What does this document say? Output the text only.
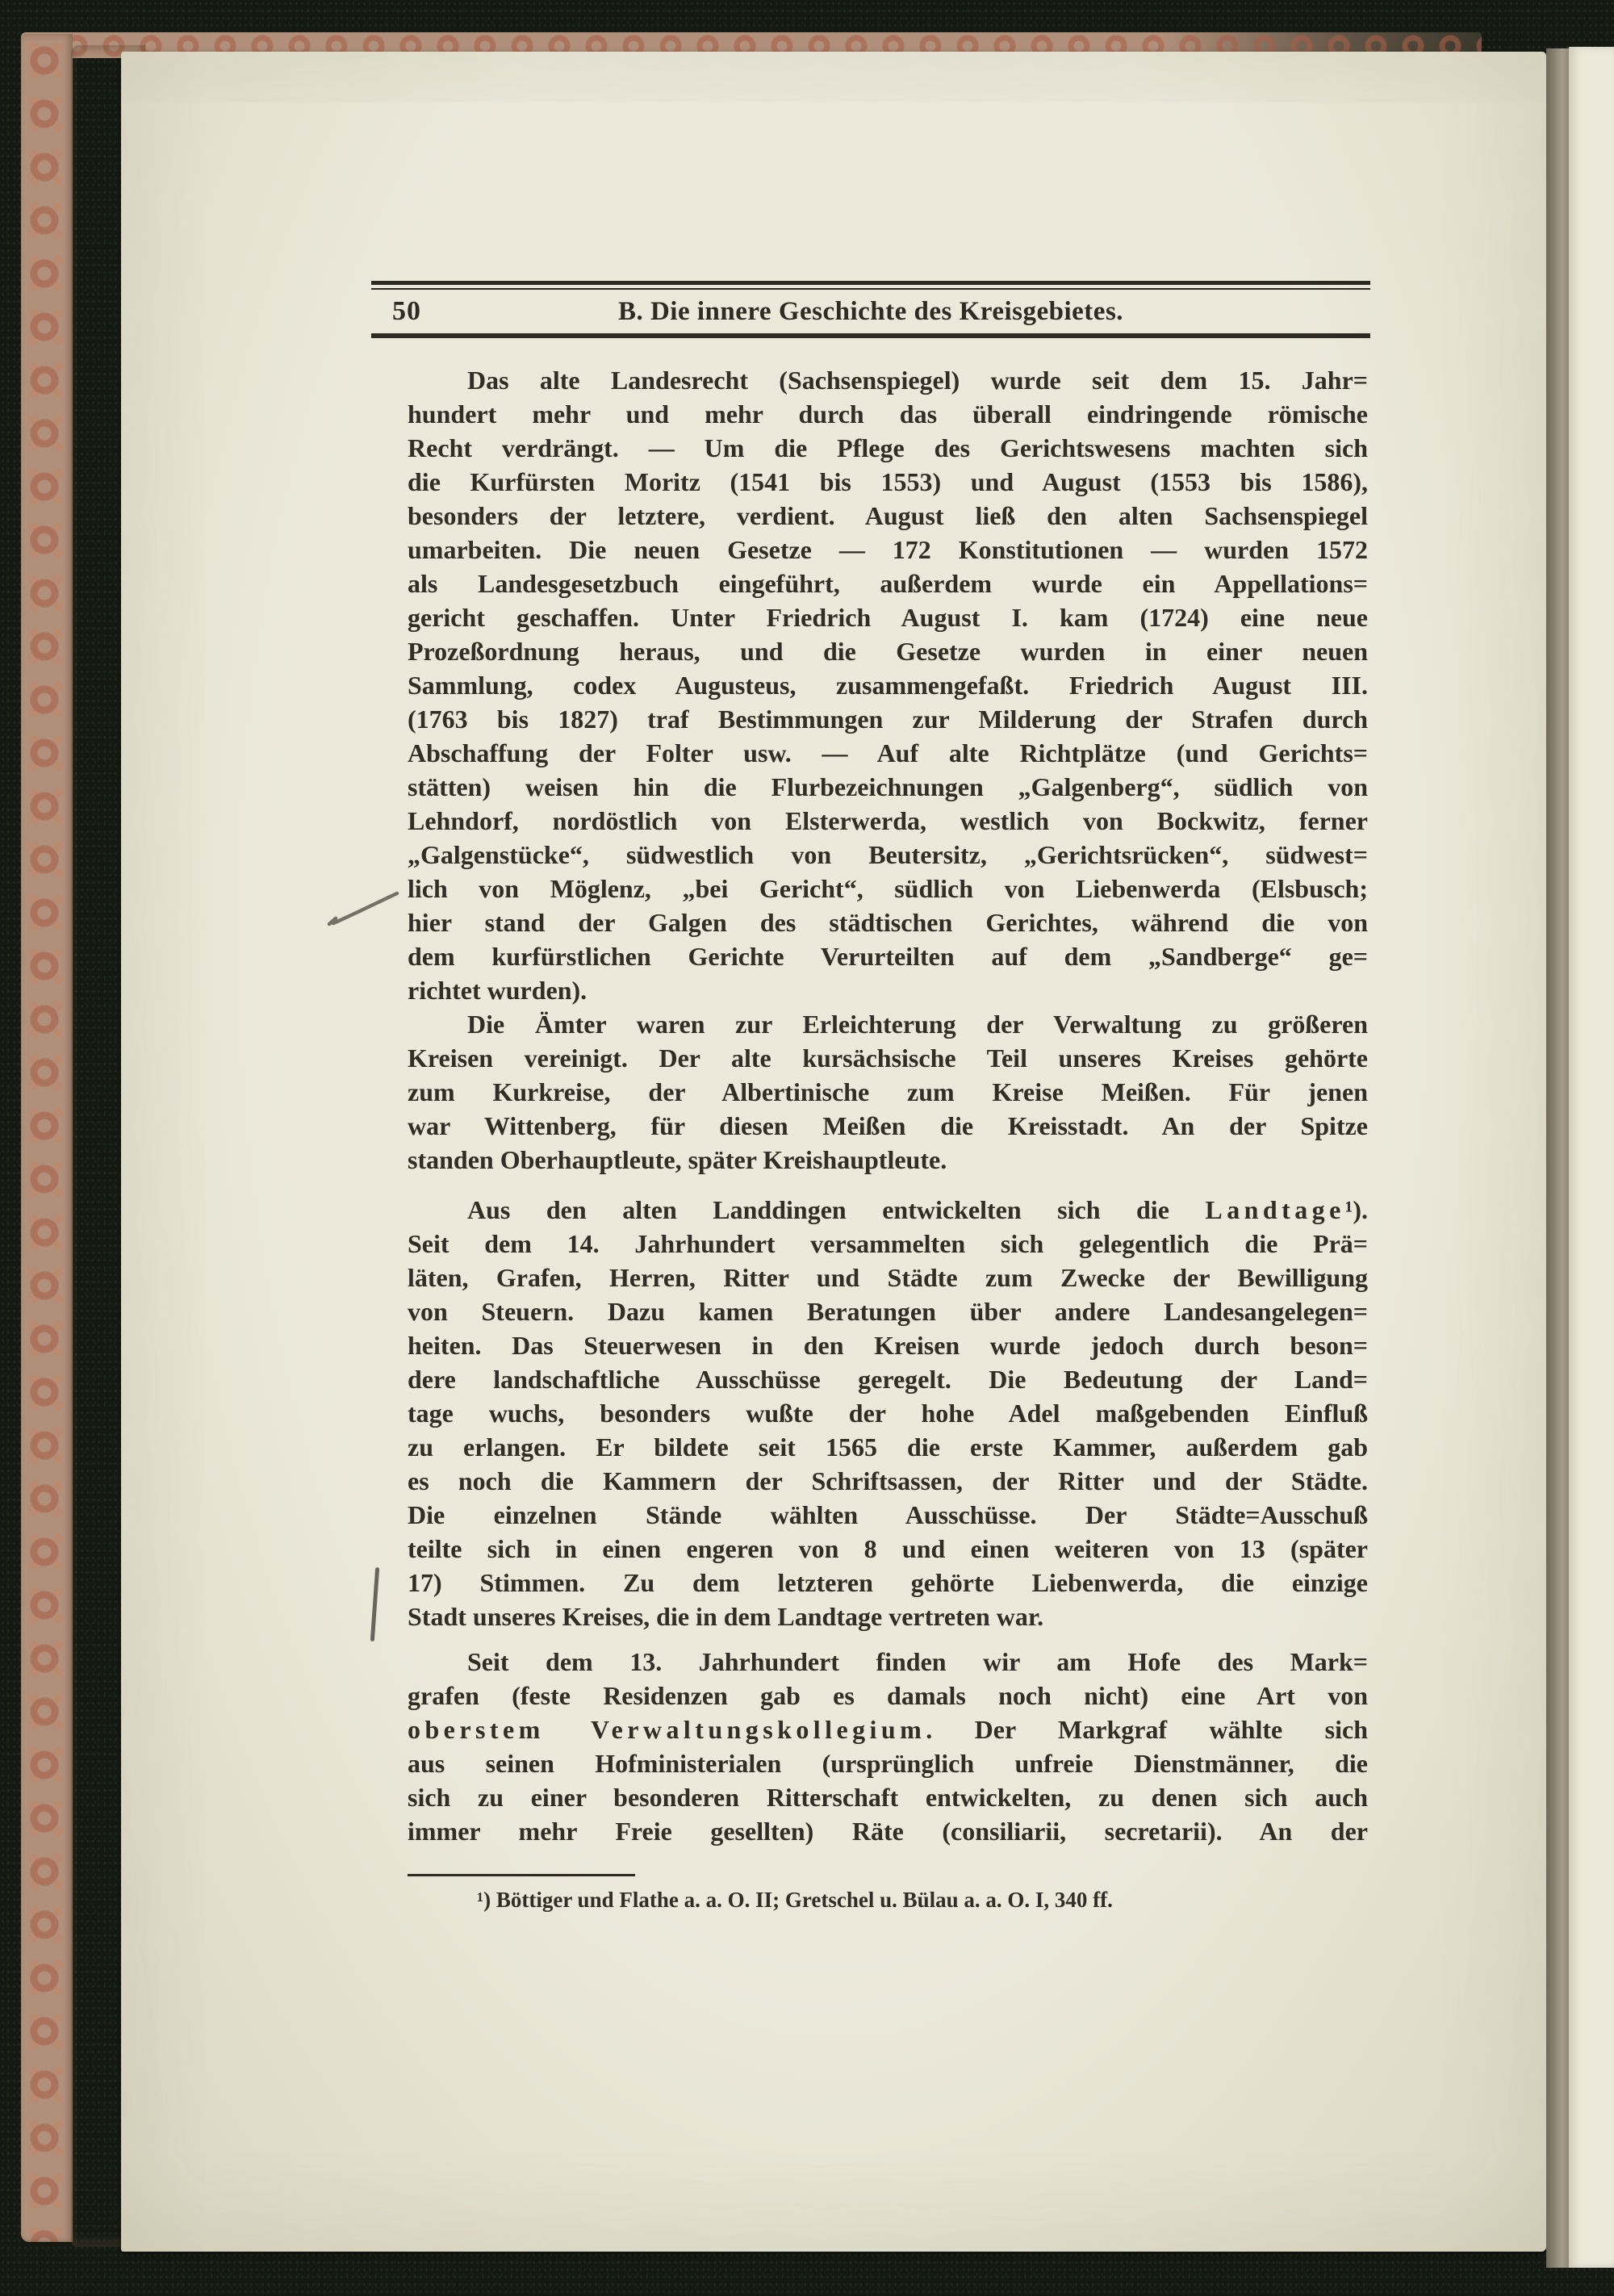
50	B. Die innere Geschichte des Kreisgebietes.
Das alte Landesrecht (Sachsenspiegel) wurde seit dem 15. Jahr=
hundert mehr und mehr durch das überall eindringende römische
Recht verdrängt. — Um die Pflege des Gerichtswesens machten sich
die Kurfürsten Moritz (1541 bis 1553) und August (1553 bis 1586),
besonders der letztere, verdient. August ließ den alten Sachsenspiegel
umarbeiten. Die neuen Gesetze — 172 Konstitutionen — wurden 1572
als Landesgesetzbuch eingeführt, außerdem wurde ein Appellations=
gericht geschaffen. Unter Friedrich August I. kam (1724) eine neue
Prozeßordnung heraus, und die Gesetze wurden in einer neuen
Sammlung, codex Augusteus, zusammengefaßt. Friedrich August III.
(1763 bis 1827) traf Bestimmungen zur Milderung der Strafen durch
Abschaffung der Folter usw. — Auf alte Richtplätze (und Gerichts=
stätten) weisen hin die Flurbezeichnungen „Galgenberg“, südlich von
Lehndorf, nordöstlich von Elsterwerda, westlich von Bockwitz, ferner
„Galgenstücke“, südwestlich von Beutersitz, „Gerichtsrücken“, südwest=
lich von Möglenz, „bei Gericht“, südlich von Liebenwerda (Elsbusch;
hier stand der Galgen des städtischen Gerichtes, während die von
dem kurfürstlichen Gerichte Verurteilten auf dem „Sandberge“ ge=
richtet wurden).
Die Ämter waren zur Erleichterung der Verwaltung zu größeren
Kreisen vereinigt. Der alte kursächsische Teil unseres Kreises gehörte
zum Kurkreise, der Albertinische zum Kreise Meißen. Für jenen
war Wittenberg, für diesen Meißen die Kreisstadt. An der Spitze
standen Oberhauptleute, später Kreishauptleute.
Aus den alten Landdingen entwickelten sich die Landtage¹).
Seit dem 14. Jahrhundert versammelten sich gelegentlich die Prä=
läten, Grafen, Herren, Ritter und Städte zum Zwecke der Bewilligung
von Steuern. Dazu kamen Beratungen über andere Landesangelegen=
heiten. Das Steuerwesen in den Kreisen wurde jedoch durch beson=
dere landschaftliche Ausschüsse geregelt. Die Bedeutung der Land=
tage wuchs, besonders wußte der hohe Adel maßgebenden Einfluß
zu erlangen. Er bildete seit 1565 die erste Kammer, außerdem gab
es noch die Kammern der Schriftsassen, der Ritter und der Städte.
Die einzelnen Stände wählten Ausschüsse. Der Städte=Ausschuß
teilte sich in einen engeren von 8 und einen weiteren von 13 (später
17) Stimmen. Zu dem letzteren gehörte Liebenwerda, die einzige
Stadt unseres Kreises, die in dem Landtage vertreten war.
Seit dem 13. Jahrhundert finden wir am Hofe des Mark=
grafen (feste Residenzen gab es damals noch nicht) eine Art von
oberstem Verwaltungskollegium. Der Markgraf wählte sich
aus seinen Hofministerialen (ursprünglich unfreie Dienstmänner, die
sich zu einer besonderen Ritterschaft entwickelten, zu denen sich auch
immer mehr Freie gesellten) Räte (consiliarii, secretarii). An der
¹) Böttiger und Flathe a. a. O. II; Gretschel u. Bülau a. a. O. I, 340 ff.
